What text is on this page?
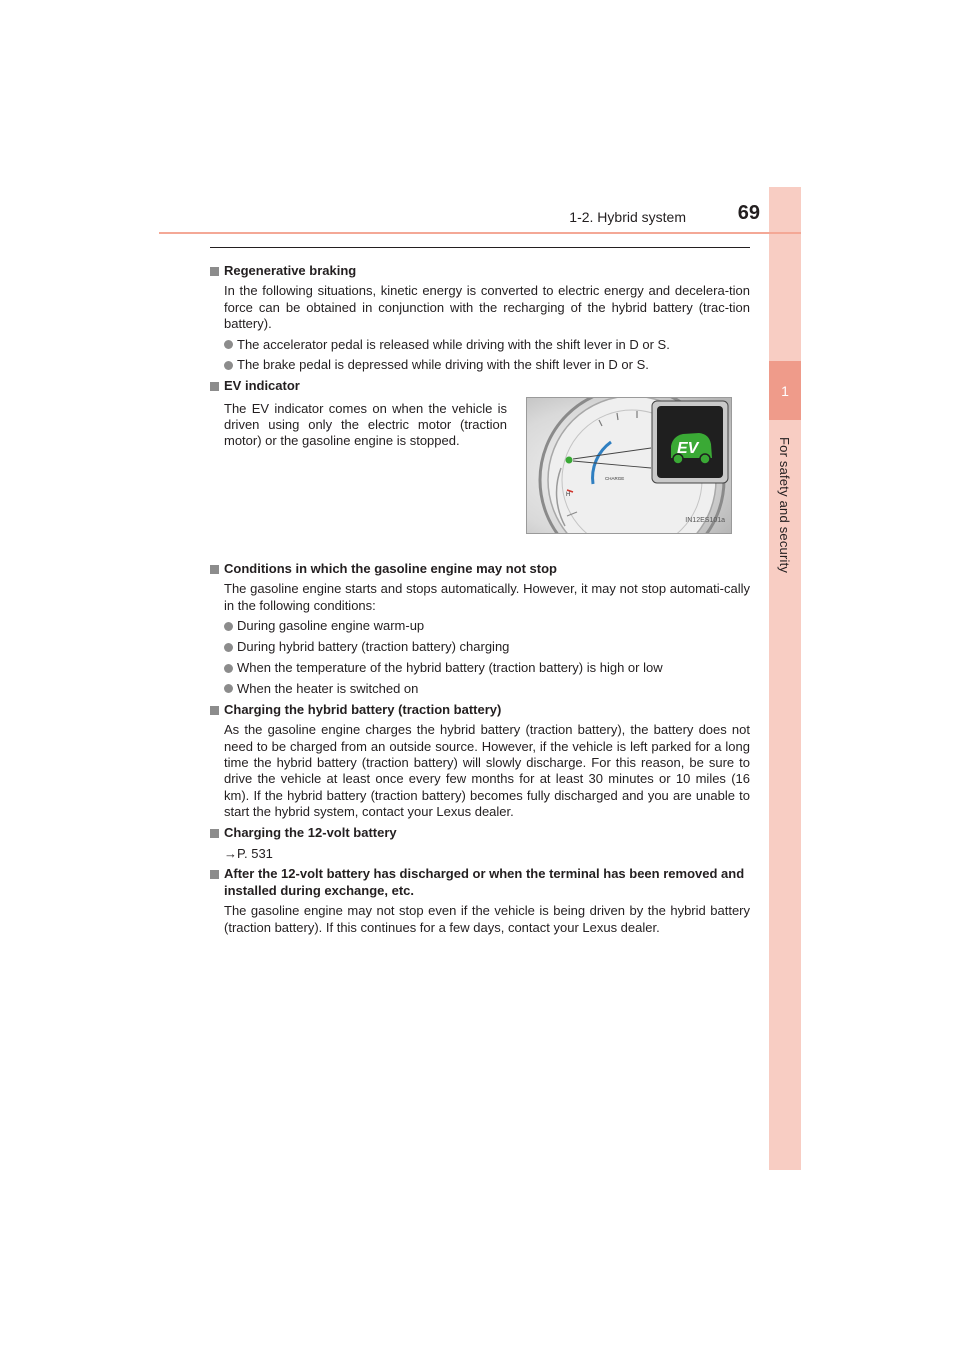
1
For safety and security
1-2. Hybrid system	69
Regenerative braking
In the following situations, kinetic energy is converted to electric energy and decelera-tion force can be obtained in conjunction with the recharging of the hybrid battery (trac-tion battery).
The accelerator pedal is released while driving with the shift lever in D or S.
The brake pedal is depressed while driving with the shift lever in D or S.
EV indicator
The EV indicator comes on when the vehicle is driven using only the electric motor (traction motor) or the gasoline engine is stopped.
H
CHARGE
EV
IN12ES101a
Conditions in which the gasoline engine may not stop
The gasoline engine starts and stops automatically. However, it may not stop automati-cally in the following conditions:
During gasoline engine warm-up
During hybrid battery (traction battery) charging
When the temperature of the hybrid battery (traction battery) is high or low
When the heater is switched on
Charging the hybrid battery (traction battery)
As the gasoline engine charges the hybrid battery (traction battery), the battery does not need to be charged from an outside source. However, if the vehicle is left parked for a long time the hybrid battery (traction battery) will slowly discharge. For this reason, be sure to drive the vehicle at least once every few months for at least 30 minutes or 10 miles (16 km). If the hybrid battery (traction battery) becomes fully discharged and you are unable to start the hybrid system, contact your Lexus dealer.
Charging the 12-volt battery
→P. 531
After the 12-volt battery has discharged or when the terminal has been removed and installed during exchange, etc.
The gasoline engine may not stop even if the vehicle is being driven by the hybrid battery (traction battery). If this continues for a few days, contact your Lexus dealer.
